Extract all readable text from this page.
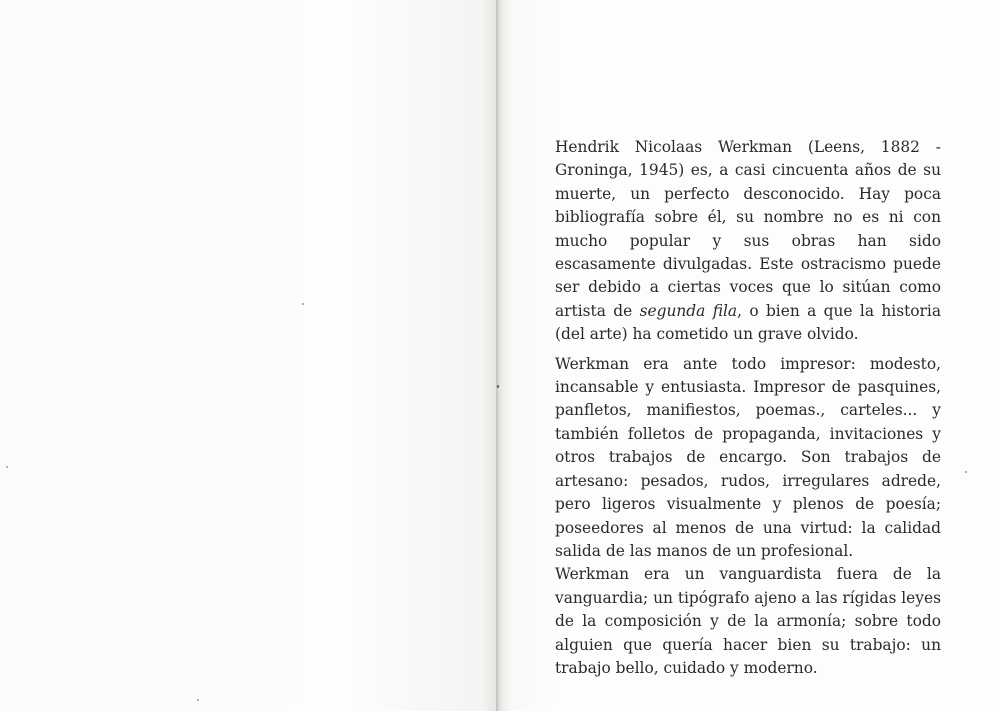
Hendrik Nicolaas Werkman (Leens, 1882 - Groninga, 1945) es, a casi cincuenta años de su muerte, un perfecto desconocido. Hay poca bibliografía sobre él, su nombre no es ni con mucho popular y sus obras han sido escasamente divulgadas. Este ostracismo puede ser debido a ciertas voces que lo sitúan como artista de segunda fila, o bien a que la historia (del arte) ha cometido un grave olvido.

Werkman era ante todo impresor: modesto, incansable y entusiasta. Impresor de pasquines, panfletos, manifiestos, poemas., carteles... y también folletos de propaganda, invitaciones y otros trabajos de encargo. Son trabajos de artesano: pesados, rudos, irregulares adrede, pero ligeros visualmente y plenos de poesía; poseedores al menos de una virtud: la calidad salida de las manos de un profesional.

Werkman era un vanguardista fuera de la vanguardia; un tipógrafo ajeno a las rígidas leyes de la composición y de la armonía; sobre todo alguien que quería hacer bien su trabajo: un trabajo bello, cuidado y moderno.
